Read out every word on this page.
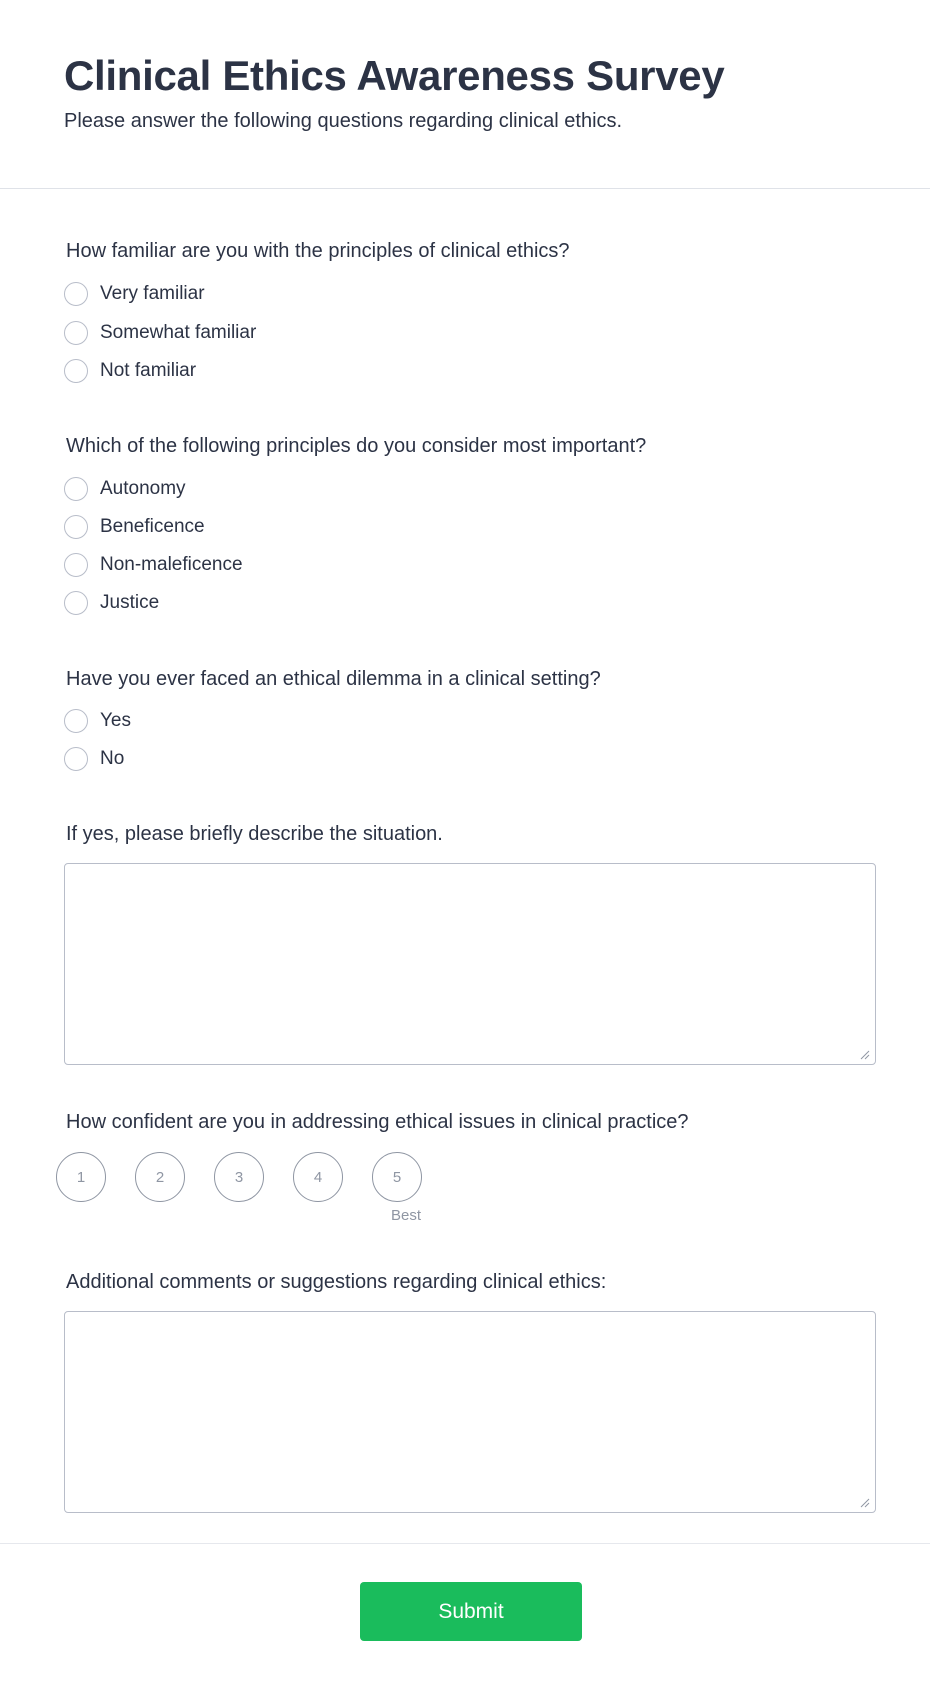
Clinical Ethics Awareness Survey

Please answer the following questions regarding clinical ethics.

How familiar are you with the principles of clinical ethics?
Very familiar
Somewhat familiar
Not familiar
Which of the following principles do you consider most important?
Autonomy
Beneficence
Non-maleficence
Justice
Have you ever faced an ethical dilemma in a clinical setting?
Yes
No
If yes, please briefly describe the situation.
How confident are you in addressing ethical issues in clinical practice?
1	2	3	4	5
Best
Additional comments or suggestions regarding clinical ethics:
Submit
